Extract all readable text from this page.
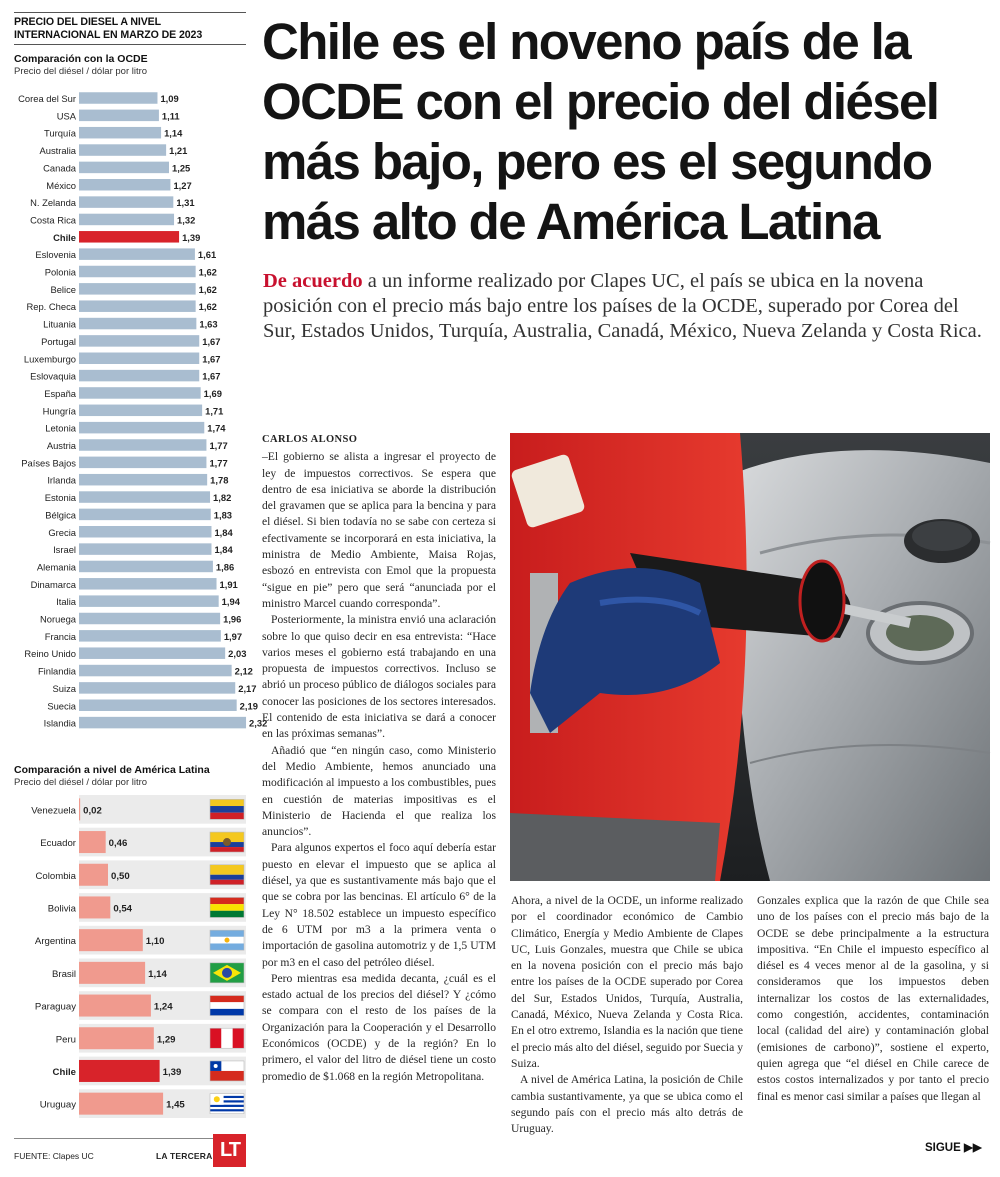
PRECIO DEL DIESEL A NIVEL
INTERNACIONAL EN MARZO DE 2023
Comparación con la OCDE
Precio del diésel / dólar por litro
Corea del Sur	1,09
USA	1,11
Turquía	1,14
Australia	1,21
Canada	1,25
México	1,27
N. Zelanda	1,31
Costa Rica	1,32
Chile	1,39
Eslovenia	1,61
Polonia	1,62
Belice	1,62
Rep. Checa	1,62
Lituania	1,63
Portugal	1,67
Luxemburgo	1,67
Eslovaquia	1,67
España	1,69
Hungría	1,71
Letonia	1,74
Austria	1,77
Países Bajos	1,77
Irlanda	1,78
Estonia	1,82
Bélgica	1,83
Grecia	1,84
Israel	1,84
Alemania	1,86
Dinamarca	1,91
Italia	1,94
Noruega	1,96
Francia	1,97
Reino Unido	2,03
Finlandia	2,12
Suiza	2,17
Suecia	2,19
Islandia	2,32
Comparación a nivel de América Latina
Precio del diésel / dólar por litro
Venezuela 0,02
Ecuador	0,46
Colombia	0,50
Bolivia	0,54
Argentina	1,10
Brasil	1,14
Paraguay	1,24
Peru	1,29
Chile	1,39
Uruguay	1,45
FUENTE: Clapes UC	LA TERCERA LT
Chile es el noveno país de la OCDE con el precio del diésel más bajo, pero es el segundo más alto de América Latina

De acuerdo a un informe realizado por Clapes UC, el país se ubica en la novena posición con el precio más bajo entre los países de la OCDE, superado por Corea del Sur, Estados Unidos, Turquía, Australia, Canadá, México, Nueva Zelanda y Costa Rica.

CARLOS ALONSO

–El gobierno se alista a ingresar el proyecto de ley de impuestos correctivos. Se espera que dentro de esa iniciativa se aborde la distribución del gravamen que se aplica para la bencina y para el diésel. Si bien todavía no se sabe con certeza si efectivamente se incorporará en esta iniciativa, la ministra de Medio Ambiente, Maisa Rojas, esbozó en entrevista con Emol que la propuesta “sigue en pie” pero que será “anunciada por el ministro Marcel cuando corresponda”.

Posteriormente, la ministra envió una aclaración sobre lo que quiso decir en esa entrevista: “Hace varios meses el gobierno está trabajando en una propuesta de impuestos correctivos. Incluso se abrió un proceso público de diálogos sociales para conocer las posiciones de los sectores interesados. El contenido de esta iniciativa se dará a conocer en las próximas semanas”.

Añadió que “en ningún caso, como Ministerio del Medio Ambiente, hemos anunciado una modificación al impuesto a los combustibles, pues en cuestión de materias impositivas es el Ministerio de Hacienda el que realiza los anuncios”.

Para algunos expertos el foco aquí debería estar puesto en elevar el impuesto que se aplica al diésel, ya que es sustantivamente más bajo que el que se cobra por las bencinas. El artículo 6° de la Ley N° 18.502 establece un impuesto específico de 6 UTM por m3 a la primera venta o importación de gasolina automotriz y de 1,5 UTM por m3 en el caso del petróleo diésel.

Pero mientras esa medida decanta, ¿cuál es el estado actual de los precios del diésel? Y ¿cómo se compara con el resto de los países de la Organización para la Cooperación y el Desarrollo Económicos (OCDE) y de la región? En lo primero, el valor del litro de diésel tiene un costo promedio de $1.068 en la región Metropolitana.

Ahora, a nivel de la OCDE, un informe realizado por el coordinador económico de Cambio Climático, Energía y Medio Ambiente de Clapes UC, Luis Gonzales, muestra que Chile se ubica en la novena posición con el precio más bajo entre los países de la OCDE superado por Corea del Sur, Estados Unidos, Turquía, Australia, Canadá, México, Nueva Zelanda y Costa Rica. En el otro extremo, Islandia es la nación que tiene el precio más alto del diésel, seguido por Suecia y Suiza.

A nivel de América Latina, la posición de Chile cambia sustantivamente, ya que se ubica como el segundo país con el precio más alto detrás de Uruguay.

Gonzales explica que la razón de que Chile sea uno de los países con el precio más bajo de la OCDE se debe principalmente a la estructura impositiva. “En Chile el impuesto específico al diésel es 4 veces menor al de la gasolina, y si consideramos que los impuestos deben internalizar los costos de las externalidades, como congestión, accidentes, contaminación local (calidad del aire) y contaminación global (emisiones de carbono)”, sostiene el experto, quien agrega que “el diésel en Chile carece de estos costos internalizados y por tanto el precio final es menor casi similar a países que llegan al

SIGUE ▶▶
